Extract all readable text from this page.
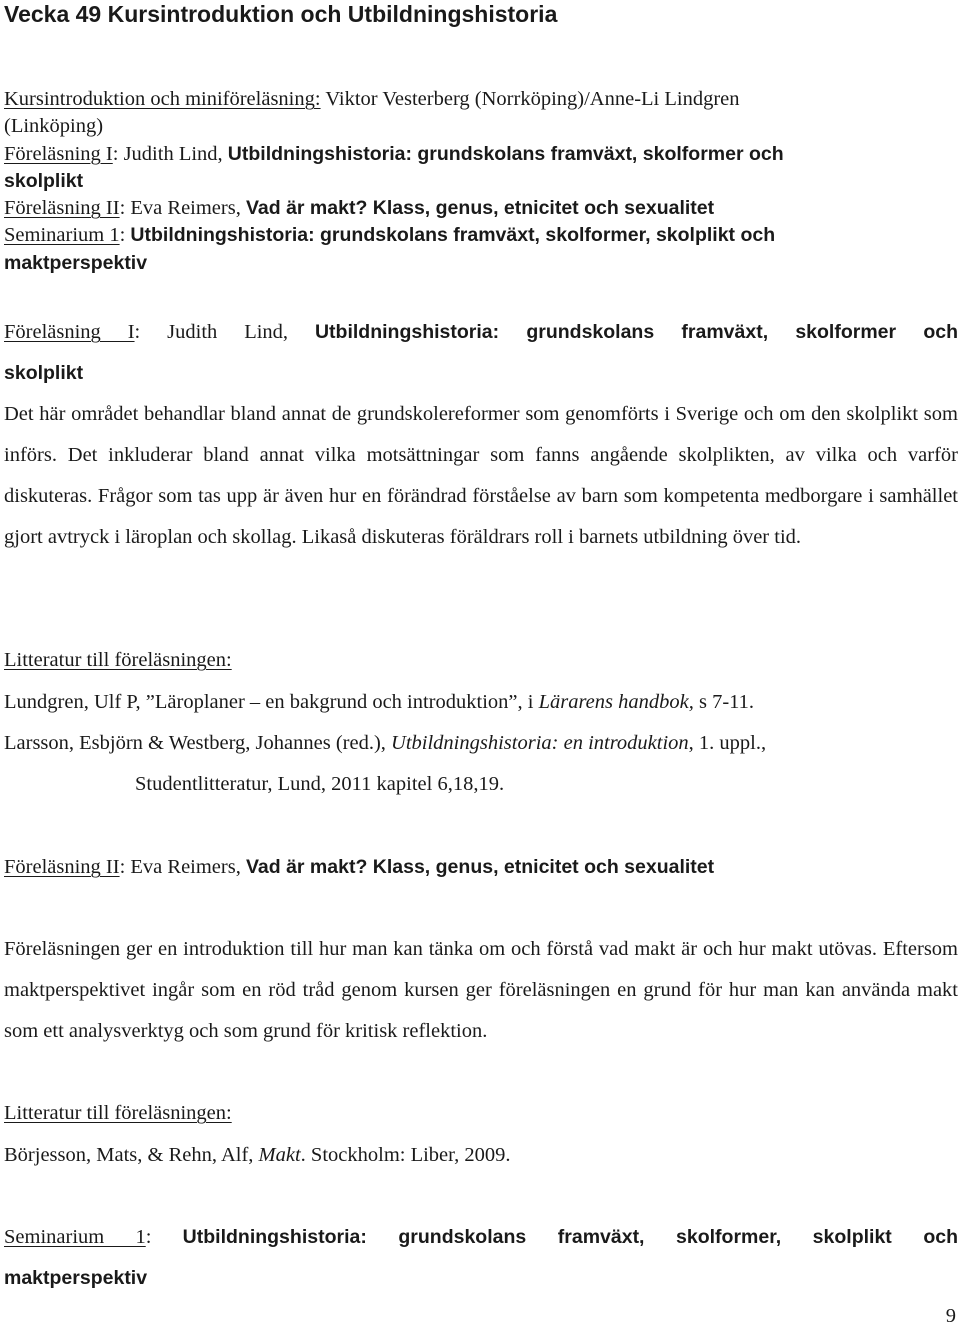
Vecka 49 Kursintroduktion och Utbildningshistoria
Kursintroduktion och miniföreläsning: Viktor Vesterberg (Norrköping)/Anne-Li Lindgren
(Linköping)
Föreläsning I: Judith Lind, Utbildningshistoria: grundskolans framväxt, skolformer och
skolplikt
Föreläsning II: Eva Reimers, Vad är makt? Klass, genus, etnicitet och sexualitet
Seminarium 1: Utbildningshistoria: grundskolans framväxt, skolformer, skolplikt och
maktperspektiv
Föreläsning I: Judith Lind, Utbildningshistoria: grundskolans framväxt, skolformer och
skolplikt

Det här området behandlar bland annat de grundskolereformer som genomförts i Sverige och om den skolplikt som införs. Det inkluderar bland annat vilka motsättningar som fanns angående skolplikten, av vilka och varför diskuteras. Frågor som tas upp är även hur en förändrad förståelse av barn som kompetenta medborgare i samhället gjort avtryck i läroplan och skollag. Likaså diskuteras föräldrars roll i barnets utbildning över tid.

Litteratur till föreläsningen:
Lundgren, Ulf P, ”Läroplaner – en bakgrund och introduktion”, i Lärarens handbok, s 7-11.
Larsson, Esbjörn & Westberg, Johannes (red.), Utbildningshistoria: en introduktion, 1. uppl.,
Studentlitteratur, Lund, 2011 kapitel 6,18,19.
Föreläsning II: Eva Reimers, Vad är makt? Klass, genus, etnicitet och sexualitet

Föreläsningen ger en introduktion till hur man kan tänka om och förstå vad makt är och hur makt utövas. Eftersom maktperspektivet ingår som en röd tråd genom kursen ger föreläsningen en grund för hur man kan använda makt som ett analysverktyg och som grund för kritisk reflektion.

Litteratur till föreläsningen:
Börjesson, Mats, & Rehn, Alf, Makt. Stockholm: Liber, 2009.
Seminarium 1: Utbildningshistoria: grundskolans framväxt, skolformer, skolplikt och
maktperspektiv

9
